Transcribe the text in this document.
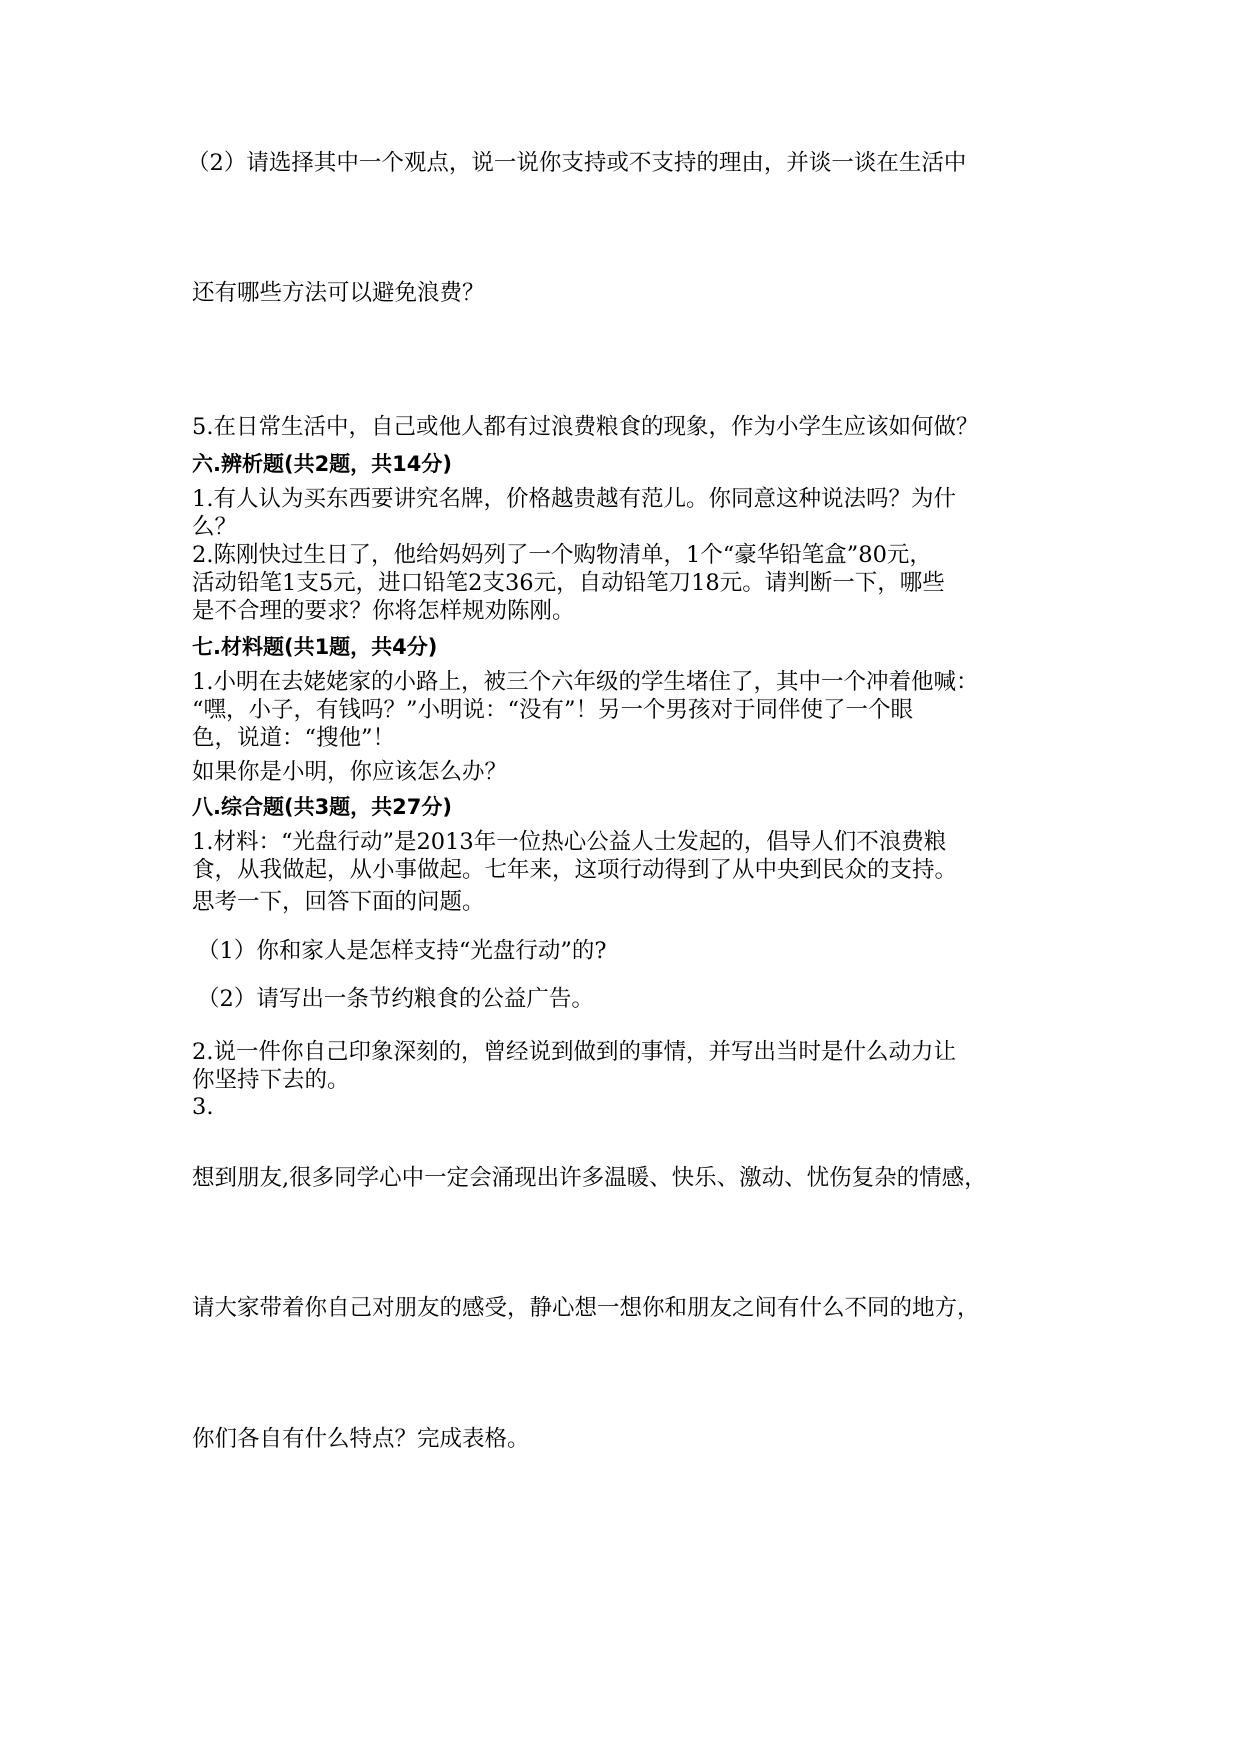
（2）请选择其中一个观点，说一说你支持或不支持的理由，并谈一谈在生活中

还有哪些方法可以避免浪费？

5.在日常生活中，自己或他人都有过浪费粮食的现象，作为小学生应该如何做？

六.辨析题(共2题，共14分)

1.有人认为买东西要讲究名牌，价格越贵越有范儿。你同意这种说法吗？为什

么？

2.陈刚快过生日了，他给妈妈列了一个购物清单，1个“豪华铅笔盒”80元，

活动铅笔1支5元，进口铅笔2支36元，自动铅笔刀18元。请判断一下，哪些

是不合理的要求？你将怎样规劝陈刚。

七.材料题(共1题，共4分)

1.小明在去姥姥家的小路上，被三个六年级的学生堵住了，其中一个冲着他喊：

“嘿，小子，有钱吗？”小明说：“没有”！另一个男孩对于同伴使了一个眼

色，说道：“搜他”！

如果你是小明，你应该怎么办？

八.综合题(共3题，共27分)

1.材料：“光盘行动”是2013年一位热心公益人士发起的，倡导人们不浪费粮

食，从我做起，从小事做起。七年来，这项行动得到了从中央到民众的支持。

思考一下，回答下面的问题。

（1）你和家人是怎样支持“光盘行动”的?

（2）请写出一条节约粮食的公益广告。

2.说一件你自己印象深刻的，曾经说到做到的事情，并写出当时是什么动力让

你坚持下去的。

3.

想到朋友,很多同学心中一定会涌现出许多温暖、快乐、激动、忧伤复杂的情感，

请大家带着你自己对朋友的感受，静心想一想你和朋友之间有什么不同的地方，

你们各自有什么特点？完成表格。
